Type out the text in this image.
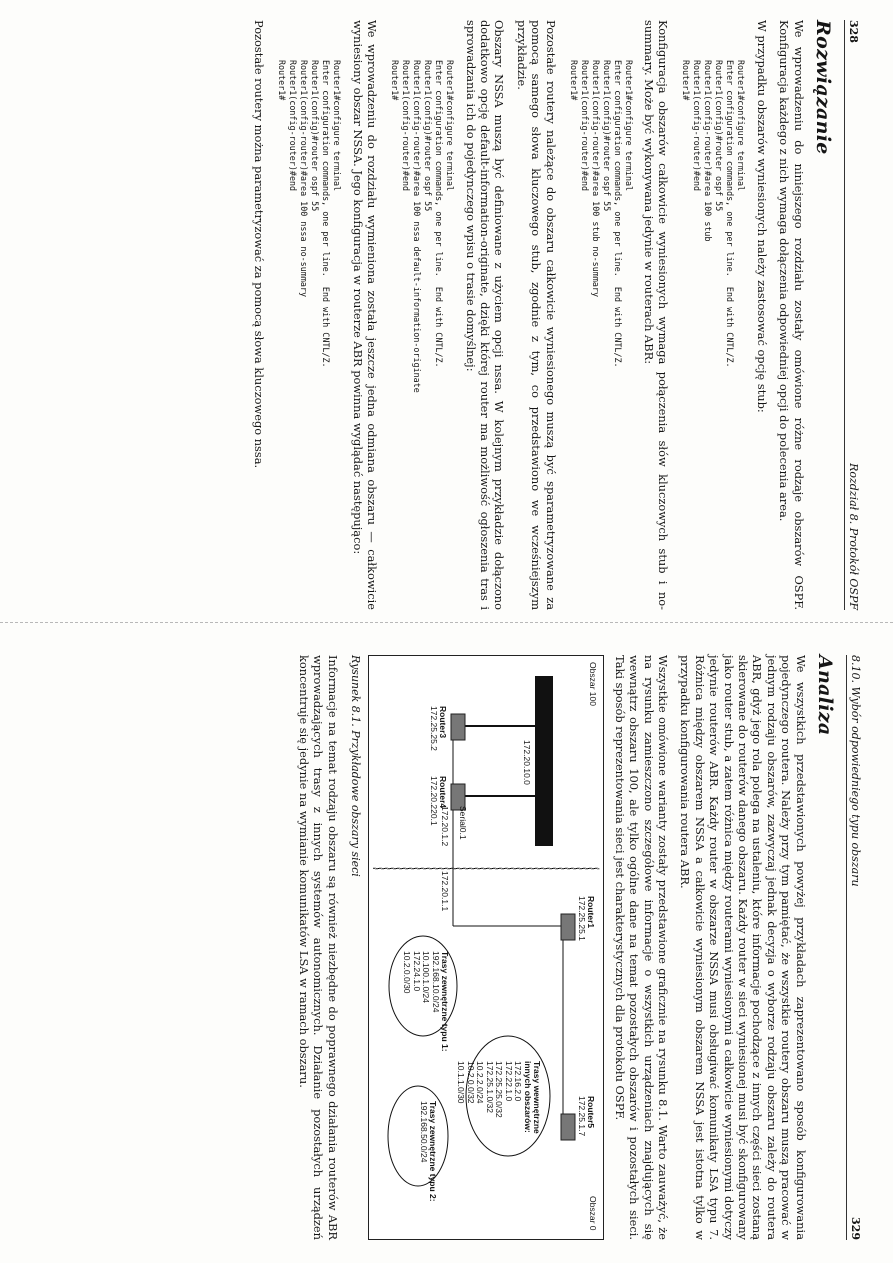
328
Rozdział 8. Protokół OSPF
Rozwiązanie

We wprowadzeniu do niniejszego rozdziału zostały omówione różne rodzaje obszarów OSPF. Konfiguracja każdego z nich wymaga dołączenia odpowiedniej opcji do polecenia area.

W przypadku obszarów wyniesionych należy zastosować opcję stub:

Router1#configure terminal
Enter configuration commands, one per line.  End with CNTL/Z.
Router1(config)#router ospf 55
Router1(config-router)#area 100 stub
Router1(config-router)#end
Router1#

Konfiguracja obszarów całkowicie wyniesionych wymaga połączenia słów kluczowych stub i no-summary. Może być wykonywana jedynie w routerach ABR:

Router1#configure terminal
Enter configuration commands, one per line.  End with CNTL/Z.
Router1(config)#router ospf 55
Router1(config-router)#area 100 stub no-summary
Router1(config-router)#end
Router1#

Pozostałe routery należące do obszaru całkowicie wyniesionego muszą być sparametryzowane za pomocą samego słowa kluczowego stub, zgodnie z tym, co przedstawiono we wcześniejszym przykładzie.

Obszary NSSA muszą być definiowane z użyciem opcji nssa. W kolejnym przykładzie dołączono dodatkowo opcję default-information-originate, dzięki której router ma możliwość ogłoszenia tras i sprowadzania ich do pojedynczego wpisu o trasie domyślnej:

Router1#configure terminal
Enter configuration commands, one per line.  End with CNTL/Z.
Router1(config)#router ospf 55
Router1(config-router)#area 100 nssa default-information-originate
Router1(config-router)#end
Router1#

We wprowadzeniu do rozdziału wymieniona została jeszcze jedna odmiana obszaru — całkowicie wyniesiony obszar NSSA. Jego konfiguracja w routerze ABR powinna wyglądać następująco:

Router1#configure terminal
Enter configuration commands, one per line.  End with CNTL/Z.
Router1(config)#router ospf 55
Router1(config-router)#area 100 nssa no-summary
Router1(config-router)#end
Router1#

Pozostałe routery można parametryzować za pomocą słowa kluczowego nssa.

8.10. Wybór odpowiedniego typu obszaru
329
Analiza

We wszystkich przedstawionych powyżej przykładach zaprezentowano sposób konfigurowania pojedynczego routera. Należy przy tym pamiętać, że wszystkie routery obszaru muszą pracować w jednym rodzaju obszarów, zazwyczaj jednak decyzja o wyborze rodzaju obszaru zależy do routera ABR, gdyż jego rola polega na ustaleniu, które informacje pochodzące z innych części sieci zostaną skierowane do routerów danego obszaru. Każdy router w sieci wyniesionej musi być skonfigurowany jako router stub, a zatem różnica między routerami wyniesionymi a całkowicie wyniesionymi dotyczy jedynie routerów ABR. Każdy router w obszarze NSSA musi obsługiwać komunikaty LSA typu 7. Różnica między obszarem NSSA a całkowicie wyniesionym obszarem NSSA jest istotna tylko w przypadku konfigurowania routera ABR.

Wszystkie omówione warianty zostały przedstawione graficznie na rysunku 8.1. Warto zauważyć, że na rysunku zamieszczono szczegółowe informacje o wszystkich urządzeniach znajdujących się wewnątrz obszaru 100, ale tylko ogólne dane na temat pozostałych obszarów i pozostałych sieci. Taki sposób reprezentowania sieci jest charakterystycznych dla protokołu OSPF.

Obszar 100
Obszar 0
Router3
172.25.25.2
Router4
172.20.220.1
Router1
172.25.25.1
Router5
172.25.1.7
Serial0.1
172.20.1.2
172.20.1.1
172.20.10.0
Trasy wewnętrzne
innych obszarów:
172.16.2.0
172.22.1.0
172.25.25.0/32
172.25.1.0/32
10.2.2.0/24
10.2.0.0/32
10.1.1.0/30
Trasy zewnętrzne typu 1:
192.168.10.0/24
10.100.1.0/24
172.24.1.0
10.2.0.0/30
Trasy zewnętrzne typu 2:
192.168.50.0/24

Rysunek 8.1. Przykładowe obszary sieci

Informacje na temat rodzaju obszaru są również niezbędne do poprawnego działania routerów ABR wprowadzających trasy z innych systemów autonomicznych. Działanie pozostałych urządzeń koncentruje się jedynie na wymianie komunikatów LSA w ramach obszaru.
